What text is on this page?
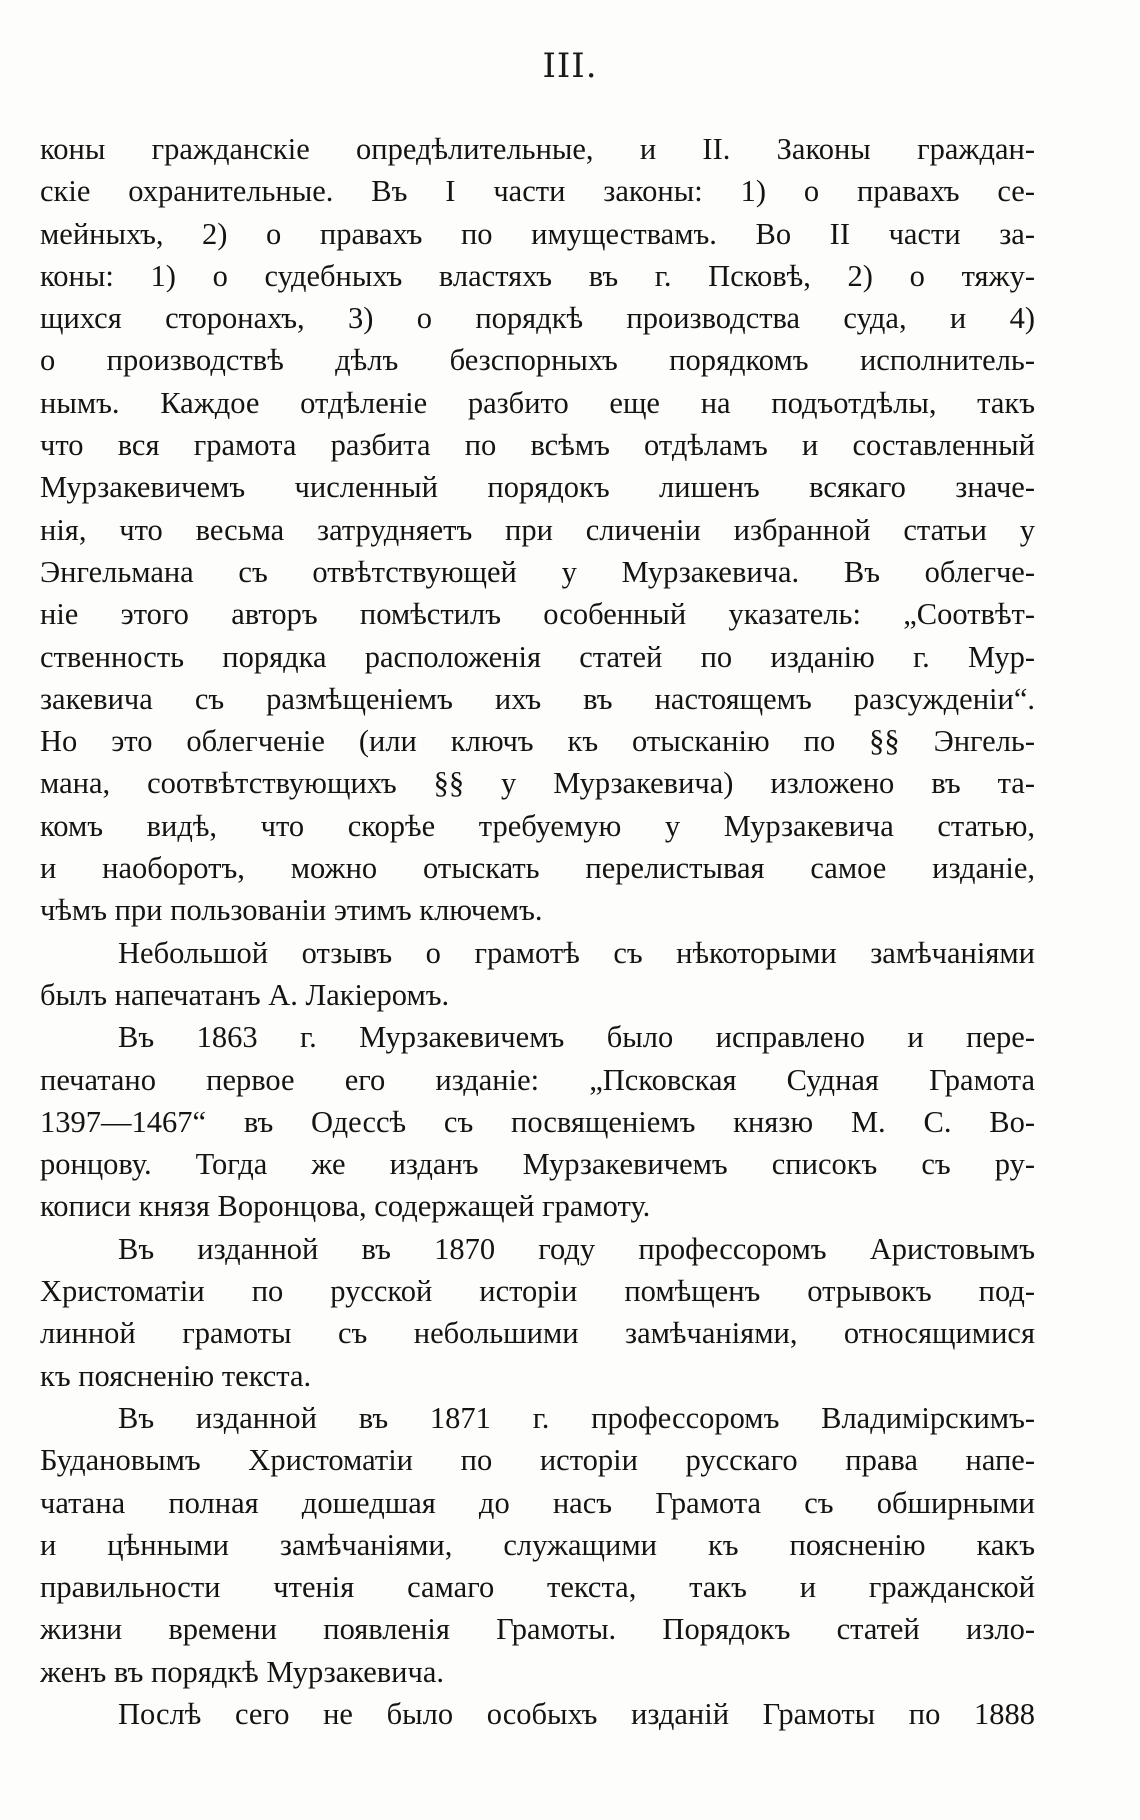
III.
коны гражданскіе опредѣлительные, и II. Законы граждан-
скіе охранительные. Въ I части законы: 1) о правахъ се-
мейныхъ, 2) о правахъ по имуществамъ. Во II части за-
коны: 1) о судебныхъ властяхъ въ г. Псковѣ, 2) о тяжу-
щихся сторонахъ, 3) о порядкѣ производства суда, и 4)
о производствѣ дѣлъ безспорныхъ порядкомъ исполнитель-
нымъ. Каждое отдѣленіе разбито еще на подъотдѣлы, такъ
что вся грамота разбита по всѣмъ отдѣламъ и составленный
Мурзакевичемъ численный порядокъ лишенъ всякаго значе-
нія, что весьма затрудняетъ при сличеніи избранной статьи у
Энгельмана съ отвѣтствующей у Мурзакевича. Въ облегче-
ніе этого авторъ помѣстилъ особенный указатель: „Соотвѣт-
ственность порядка расположенія статей по изданію г. Мур-
закевича съ размѣщеніемъ ихъ въ настоящемъ разсужденіи“.
Но это облегченіе (или ключъ къ отысканію по §§ Энгель-
мана, соотвѣтствующихъ §§ у Мурзакевича) изложено въ та-
комъ видѣ, что скорѣе требуемую у Мурзакевича статью,
и наоборотъ, можно отыскать перелистывая самое изданіе,
чѣмъ при пользованіи этимъ ключемъ.
Небольшой отзывъ о грамотѣ съ нѣкоторыми замѣчаніями
былъ напечатанъ А. Лакіеромъ.
Въ 1863 г. Мурзакевичемъ было исправлено и пере-
печатано первое его изданіе: „Псковская Судная Грамота
1397—1467“ въ Одессѣ съ посвященіемъ князю М. С. Во-
ронцову. Тогда же изданъ Мурзакевичемъ списокъ съ ру-
кописи князя Воронцова, содержащей грамоту.
Въ изданной въ 1870 году профессоромъ Аристовымъ
Христоматіи по русской исторіи помѣщенъ отрывокъ под-
линной грамоты съ небольшими замѣчаніями, относящимися
къ поясненію текста.
Въ изданной въ 1871 г. профессоромъ Владимірскимъ-
Будановымъ Христоматіи по исторіи русскаго права напе-
чатана полная дошедшая до насъ Грамота съ обширными
и цѣнными замѣчаніями, служащими къ поясненію какъ
правильности чтенія самаго текста, такъ и гражданской
жизни времени появленія Грамоты. Порядокъ статей изло-
женъ въ порядкѣ Мурзакевича.
Послѣ сего не было особыхъ изданій Грамоты по 1888
